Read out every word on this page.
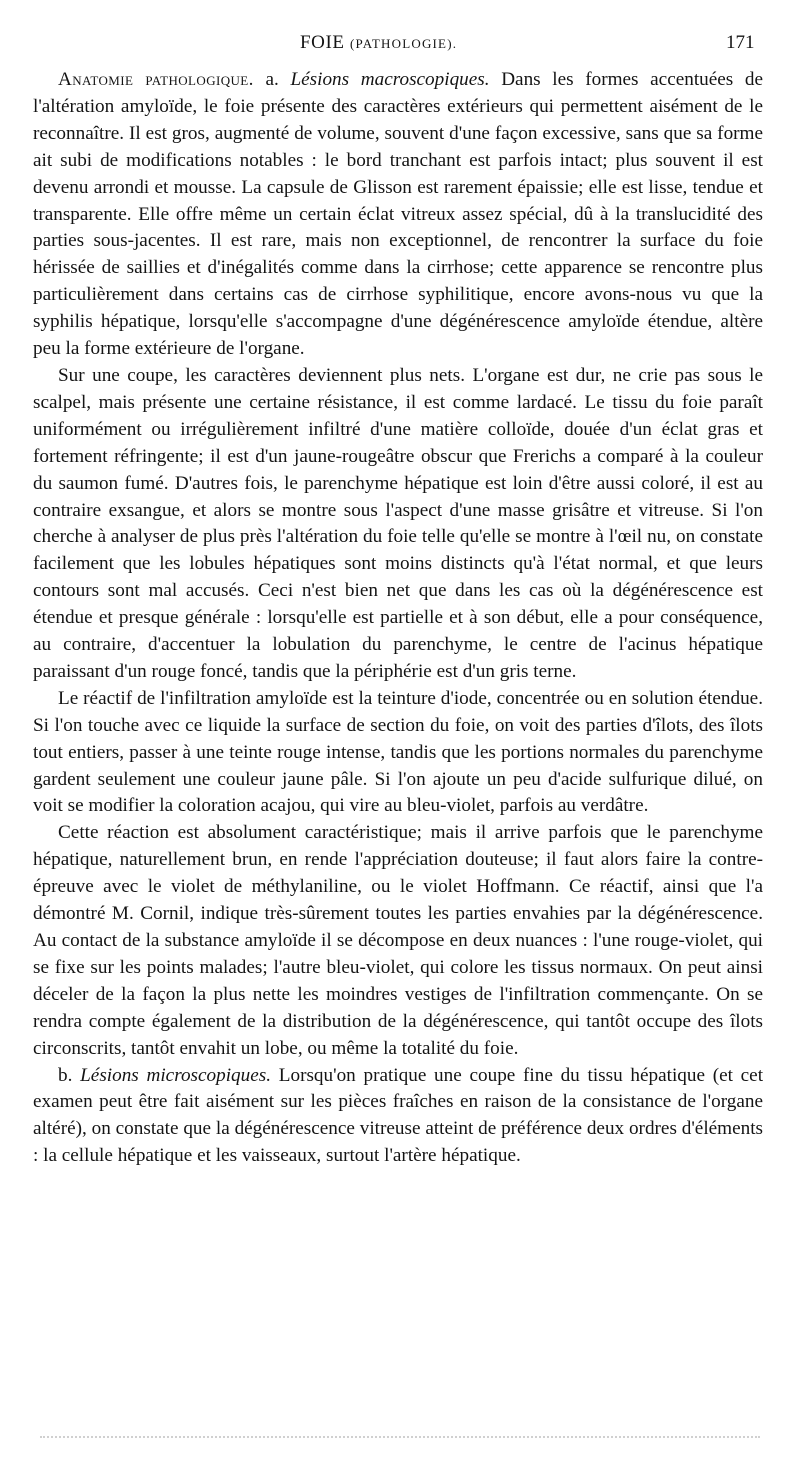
FOIE (PATHOLOGIE).	171

Anatomie pathologique. a. Lésions macroscopiques. Dans les formes accentuées de l'altération amyloïde, le foie présente des caractères extérieurs qui permettent aisément de le reconnaître. Il est gros, augmenté de volume, souvent d'une façon excessive, sans que sa forme ait subi de modifications notables : le bord tranchant est parfois intact; plus souvent il est devenu arrondi et mousse. La capsule de Glisson est rarement épaissie; elle est lisse, tendue et transparente. Elle offre même un certain éclat vitreux assez spécial, dû à la translucidité des parties sous-jacentes. Il est rare, mais non exceptionnel, de rencontrer la surface du foie hérissée de saillies et d'inégalités comme dans la cirrhose; cette apparence se rencontre plus particulièrement dans certains cas de cirrhose syphilitique, encore avons-nous vu que la syphilis hépatique, lorsqu'elle s'accompagne d'une dégénérescence amyloïde étendue, altère peu la forme extérieure de l'organe.

Sur une coupe, les caractères deviennent plus nets. L'organe est dur, ne crie pas sous le scalpel, mais présente une certaine résistance, il est comme lardacé. Le tissu du foie paraît uniformément ou irrégulièrement infiltré d'une matière colloïde, douée d'un éclat gras et fortement réfringente; il est d'un jaune-rougeâtre obscur que Frerichs a comparé à la couleur du saumon fumé. D'autres fois, le parenchyme hépatique est loin d'être aussi coloré, il est au contraire exsangue, et alors se montre sous l'aspect d'une masse grisâtre et vitreuse. Si l'on cherche à analyser de plus près l'altération du foie telle qu'elle se montre à l'œil nu, on constate facilement que les lobules hépatiques sont moins distincts qu'à l'état normal, et que leurs contours sont mal accusés. Ceci n'est bien net que dans les cas où la dégénérescence est étendue et presque générale : lorsqu'elle est partielle et à son début, elle a pour conséquence, au contraire, d'accentuer la lobulation du parenchyme, le centre de l'acinus hépatique paraissant d'un rouge foncé, tandis que la périphérie est d'un gris terne.

Le réactif de l'infiltration amyloïde est la teinture d'iode, concentrée ou en solution étendue. Si l'on touche avec ce liquide la surface de section du foie, on voit des parties d'îlots, des îlots tout entiers, passer à une teinte rouge intense, tandis que les portions normales du parenchyme gardent seulement une couleur jaune pâle. Si l'on ajoute un peu d'acide sulfurique dilué, on voit se modifier la coloration acajou, qui vire au bleu-violet, parfois au verdâtre.

Cette réaction est absolument caractéristique; mais il arrive parfois que le parenchyme hépatique, naturellement brun, en rende l'appréciation douteuse; il faut alors faire la contre-épreuve avec le violet de méthylaniline, ou le violet Hoffmann. Ce réactif, ainsi que l'a démontré M. Cornil, indique très-sûrement toutes les parties envahies par la dégénérescence. Au contact de la substance amyloïde il se décompose en deux nuances : l'une rouge-violet, qui se fixe sur les points malades; l'autre bleu-violet, qui colore les tissus normaux. On peut ainsi déceler de la façon la plus nette les moindres vestiges de l'infiltration commençante. On se rendra compte également de la distribution de la dégénérescence, qui tantôt occupe des îlots circonscrits, tantôt envahit un lobe, ou même la totalité du foie.

b. Lésions microscopiques. Lorsqu'on pratique une coupe fine du tissu hépatique (et cet examen peut être fait aisément sur les pièces fraîches en raison de la consistance de l'organe altéré), on constate que la dégénérescence vitreuse atteint de préférence deux ordres d'éléments : la cellule hépatique et les vaisseaux, surtout l'artère hépatique.
